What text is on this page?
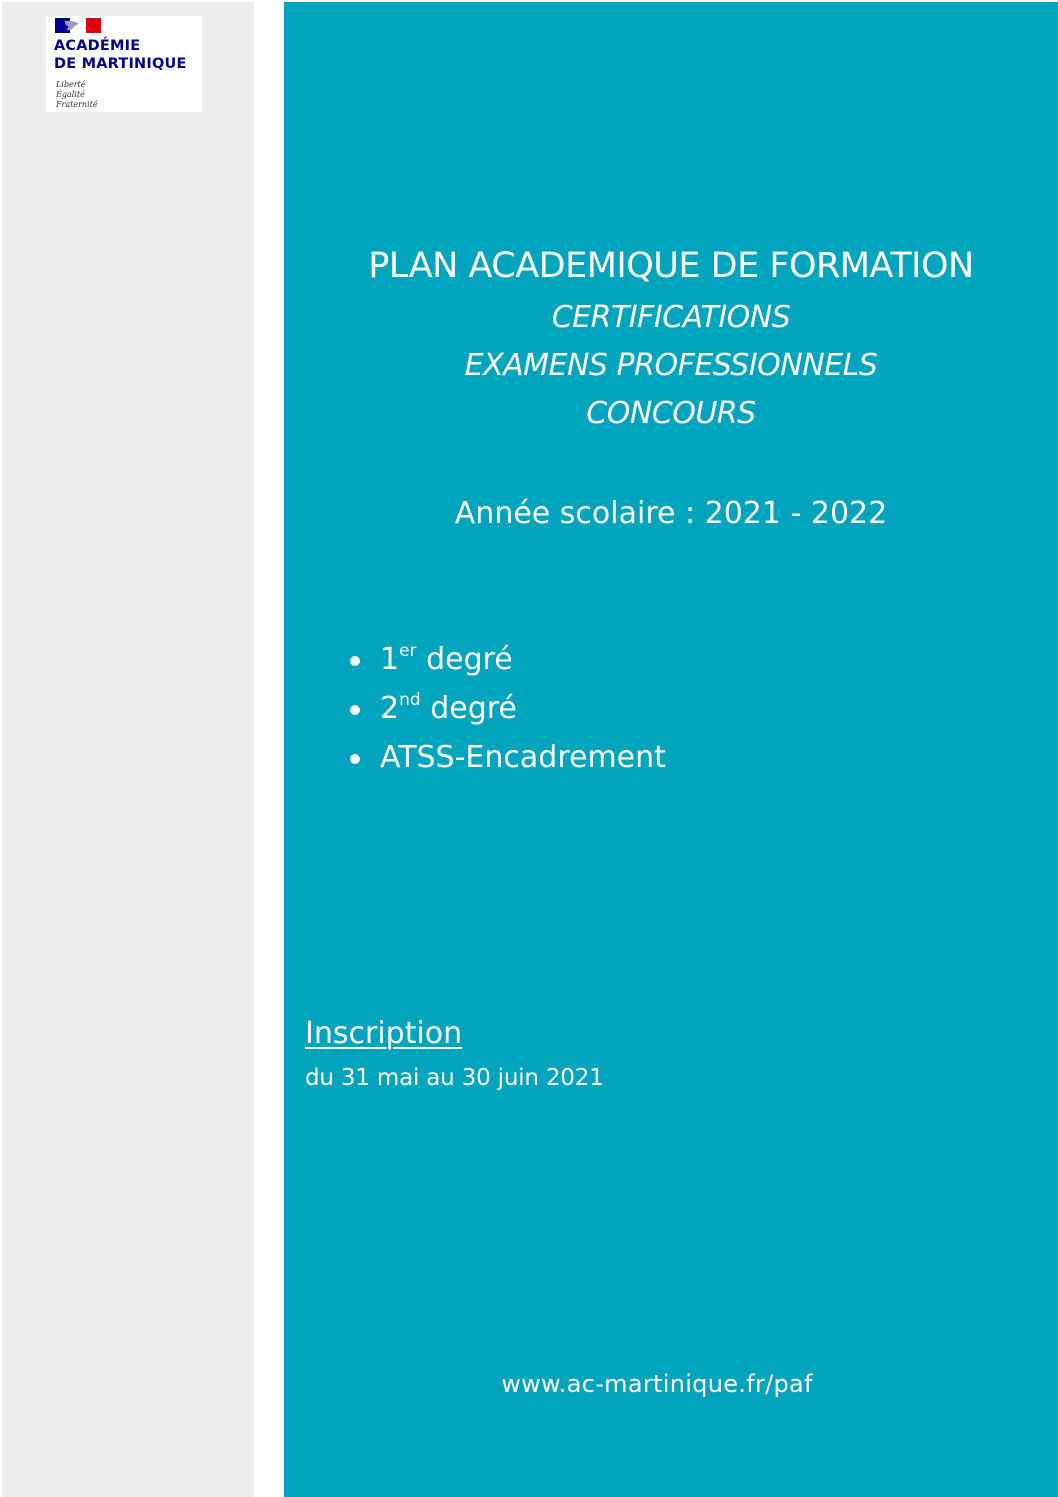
ACADÉMIE
DE MARTINIQUE
Liberté
Égalité
Fraternité
PLAN ACADEMIQUE DE FORMATION
CERTIFICATIONS
EXAMENS PROFESSIONNELS
CONCOURS
Année scolaire : 2021 - 2022
1er degré
2nd degré
ATSS-Encadrement
Inscription
du 31 mai au 30 juin 2021
www.ac-martinique.fr/paf
